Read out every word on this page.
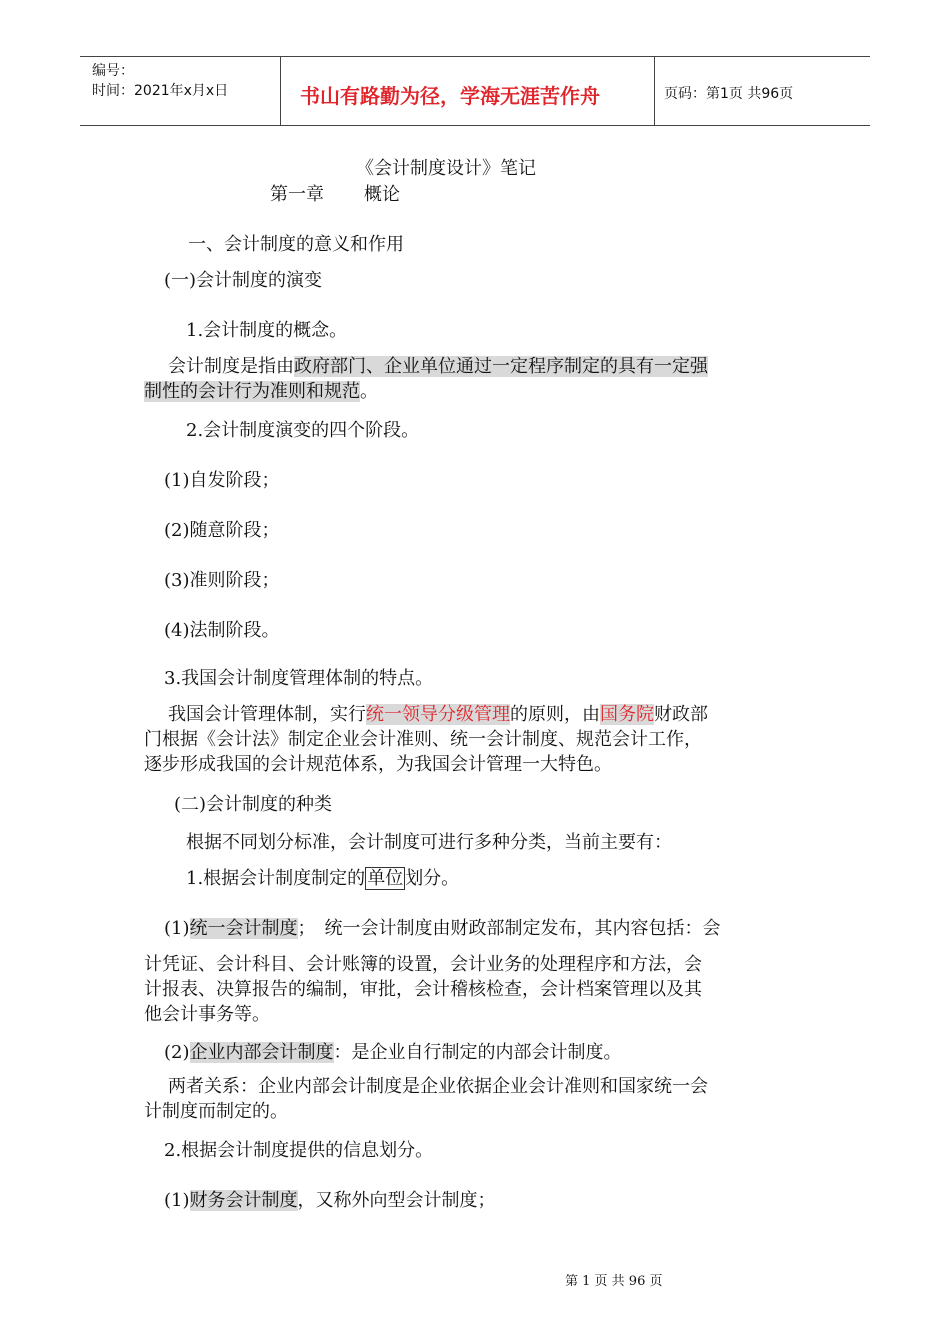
编号：
时间：2021年x月x日	书山有路勤为径，学海无涯苦作舟	页码：第1页 共96页
《会计制度设计》笔记
第一章 概论
一、会计制度的意义和作用
(一)会计制度的演变
1.会计制度的概念。
会计制度是指由政府部门、企业单位通过一定程序制定的具有一定强
制性的会计行为准则和规范。
2.会计制度演变的四个阶段。
(1)自发阶段；
(2)随意阶段；
(3)准则阶段；
(4)法制阶段。
3.我国会计制度管理体制的特点。
我国会计管理体制，实行统一领导分级管理的原则，由国务院财政部
门根据《会计法》制定企业会计准则、统一会计制度、规范会计工作，
逐步形成我国的会计规范体系，为我国会计管理一大特色。
(二)会计制度的种类
根据不同划分标准，会计制度可进行多种分类，当前主要有：
1.根据会计制度制定的 单位 划分。
(1)统一会计制度；　统一会计制度由财政部制定发布，其内容包括：会
计凭证、会计科目、会计账簿的设置，会计业务的处理程序和方法，会
计报表、决算报告的编制，审批，会计稽核检查，会计档案管理以及其
他会计事务等。
(2)企业内部会计制度：是企业自行制定的内部会计制度。
两者关系：企业内部会计制度是企业依据企业会计准则和国家统一会
计制度而制定的。
2.根据会计制度提供的信息划分。
(1)财务会计制度，又称外向型会计制度；
第 1 页 共 96 页
